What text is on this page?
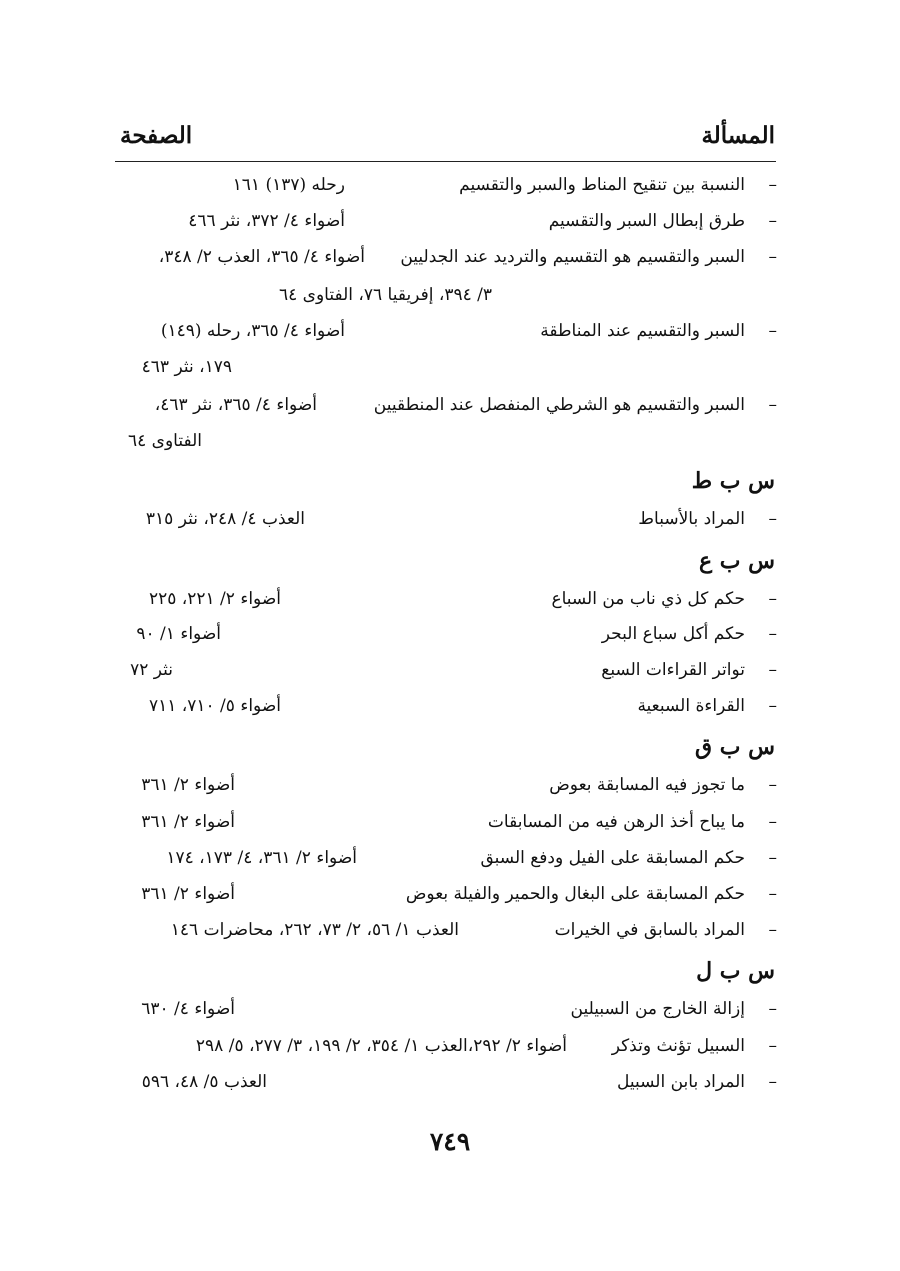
المسألة
الصفحة
–
النسبة بين تنقيح المناط والسبر والتقسيم
رحله (١٣٧) ١٦١
–
طرق إبطال السبر والتقسيم
أضواء ٤/ ٣٧٢، نثر ٤٦٦
–
السبر والتقسيم هو التقسيم والترديد عند الجدليين
أضواء ٤/ ٣٦٥، العذب ٢/ ٣٤٨،
٣/ ٣٩٤، إفريقيا ٧٦، الفتاوى ٦٤
–
السبر والتقسيم عند المناطقة
أضواء ٤/ ٣٦٥، رحله (١٤٩)
١٧٩، نثر ٤٦٣
–
السبر والتقسيم هو الشرطي المنفصل عند المنطقيين
أضواء ٤/ ٣٦٥، نثر ٤٦٣،
الفتاوى ٦٤
س ب ط
–
المراد بالأسباط
العذب ٤/ ٢٤٨، نثر ٣١٥
س ب ع
–
حكم كل ذي ناب من السباع
أضواء ٢/ ٢٢١، ٢٢٥
–
حكم أكل سباع البحر
أضواء ١/ ٩٠
–
تواتر القراءات السبع
نثر ٧٢
–
القراءة السبعية
أضواء ٥/ ٧١٠، ٧١١
س ب ق
–
ما تجوز فيه المسابقة بعوض
أضواء ٢/ ٣٦١
–
ما يباح أخذ الرهن فيه من المسابقات
أضواء ٢/ ٣٦١
–
حكم المسابقة على الفيل ودفع السبق
أضواء ٢/ ٣٦١، ٤/ ١٧٣، ١٧٤
–
حكم المسابقة على البغال والحمير والفيلة بعوض
أضواء ٢/ ٣٦١
–
المراد بالسابق في الخيرات
العذب ١/ ٥٦، ٢/ ٧٣، ٢٦٢، محاضرات ١٤٦
س ب ل
–
إزالة الخارج من السبيلين
أضواء ٤/ ٦٣٠
–
السبيل تؤنث وتذكر
أضواء ٢/ ٢٩٢،العذب ١/ ٣٥٤، ٢/ ١٩٩، ٣/ ٢٧٧، ٥/ ٢٩٨
–
المراد بابن السبيل
العذب ٥/ ٤٨، ٥٩٦
٧٤٩
